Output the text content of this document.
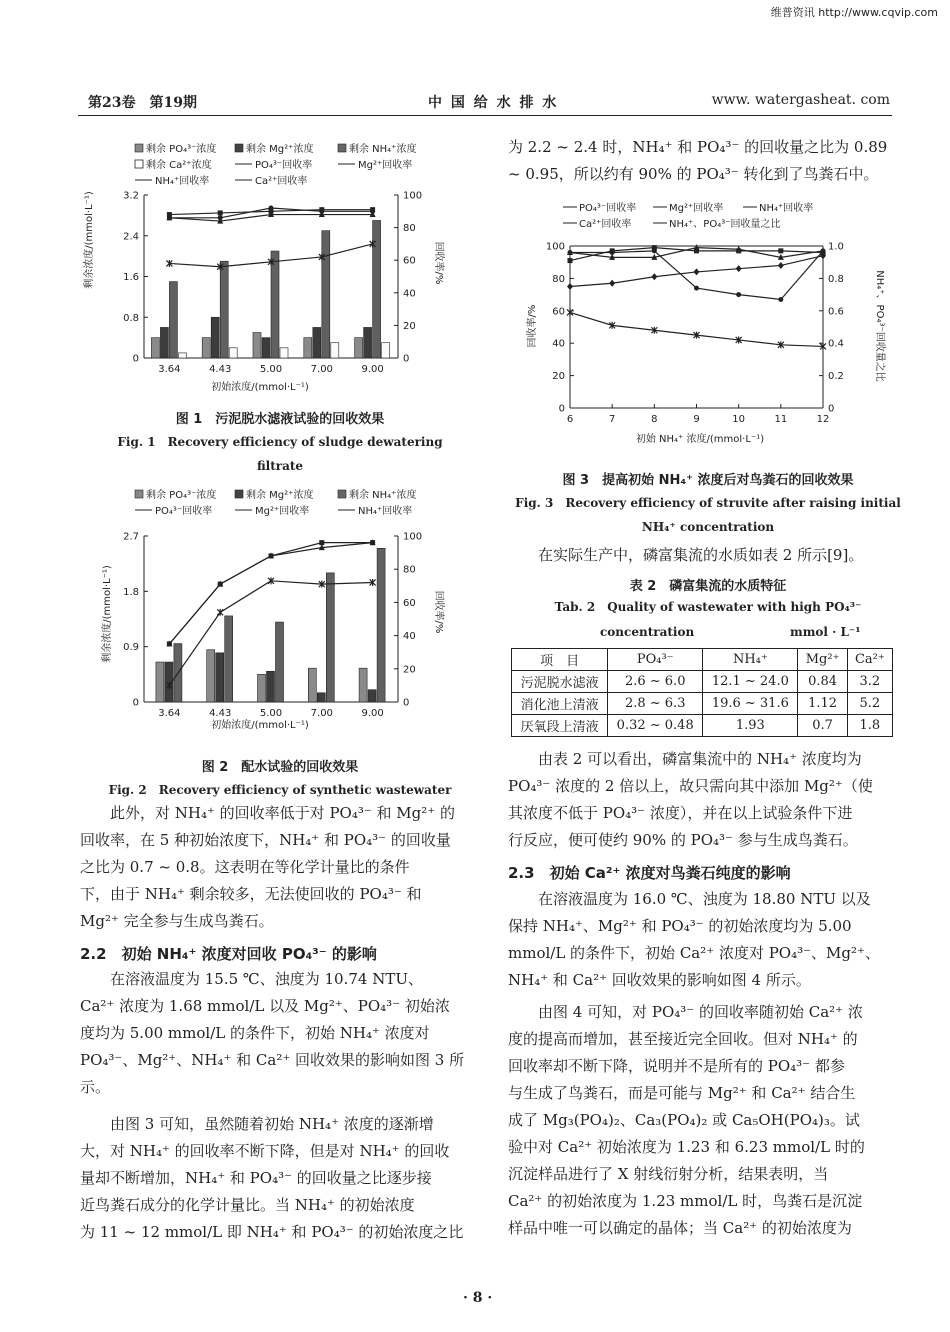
维普资讯 http://www.cqvip.com
第23卷　第19期	中 国 给 水 排 水	www. watergasheat. com
剩余 PO₄³⁻浓度	剩余 Mg²⁺浓度	剩余 NH₄⁺浓度
剩余 Ca²⁺浓度	PO₄³⁻回收率	Mg²⁺回收率
NH₄⁺回收率	Ca²⁺回收率
0
0.8
1.6
2.4
3.2
0
20
40
60
80
100
3.64	4.43	5.00	7.00	9.00
剩余浓度/(mmol·L⁻¹)	回收率/%
初始浓度/(mmol·L⁻¹)
图 1　污泥脱水滤液试验的回收效果
Fig. 1　Recovery efficiency of sludge dewatering
filtrate
剩余 PO₄³⁻浓度	剩余 Mg²⁺浓度	剩余 NH₄⁺浓度
PO₄³⁻回收率	Mg²⁺回收率	NH₄⁺回收率
0
0.9
1.8
2.7
0
20
40
60
80
100
3.64	4.43	5.00	7.00	9.00
剩余浓度/(mmol·L⁻¹)	回收率/%
初始浓度/(mmol·L⁻¹)
图 2　配水试验的回收效果
Fig. 2　Recovery efficiency of synthetic wastewater
此外，对 NH₄⁺ 的回收率低于对 PO₄³⁻ 和 Mg²⁺ 的
回收率，在 5 种初始浓度下，NH₄⁺ 和 PO₄³⁻ 的回收量
之比为 0.7 ~ 0.8。这表明在等化学计量比的条件
下，由于 NH₄⁺ 剩余较多，无法使回收的 PO₄³⁻ 和
Mg²⁺ 完全参与生成鸟粪石。
2.2　初始 NH₄⁺ 浓度对回收 PO₄³⁻ 的影响
在溶液温度为 15.5 ℃、浊度为 10.74 NTU、
Ca²⁺ 浓度为 1.68 mmol/L 以及 Mg²⁺、PO₄³⁻ 初始浓
度均为 5.00 mmol/L 的条件下，初始 NH₄⁺ 浓度对
PO₄³⁻、Mg²⁺、NH₄⁺ 和 Ca²⁺ 回收效果的影响如图 3 所
示。
由图 3 可知，虽然随着初始 NH₄⁺ 浓度的逐渐增
大，对 NH₄⁺ 的回收率不断下降，但是对 NH₄⁺ 的回收
量却不断增加，NH₄⁺ 和 PO₄³⁻ 的回收量之比逐步接
近鸟粪石成分的化学计量比。当 NH₄⁺ 的初始浓度
为 11 ~ 12 mmol/L 即 NH₄⁺ 和 PO₄³⁻ 的初始浓度之比
为 2.2 ~ 2.4 时，NH₄⁺ 和 PO₄³⁻ 的回收量之比为 0.89
~ 0.95，所以约有 90% 的 PO₄³⁻ 转化到了鸟粪石中。
PO₄³⁻回收率	Mg²⁺回收率	NH₄⁺回收率
Ca²⁺回收率	NH₄⁺、PO₄³⁻回收量之比
6	7	8	9	10	11	12
0
20
40
60
80
100
0
0.2
0.4
0.6
0.8
1.0
回收率/%	NH₄⁺、PO₄³⁻回收量之比
初始 NH₄⁺ 浓度/(mmol·L⁻¹)
图 3　提高初始 NH₄⁺ 浓度后对鸟粪石的回收效果
Fig. 3　Recovery efficiency of struvite after raising initial
NH₄⁺ concentration
在实际生产中，磷富集流的水质如表 2 所示[9]。
表 2　磷富集流的水质特征
Tab. 2　Quality of wastewater with high PO₄³⁻
concentration	mmol · L⁻¹
项　目	PO₄³⁻	NH₄⁺	Mg²⁺	Ca²⁺
污泥脱水滤液	2.6 ~ 6.0	12.1 ~ 24.0	0.84	3.2
消化池上清液	2.8 ~ 6.3	19.6 ~ 31.6	1.12	5.2
厌氧段上清液	0.32 ~ 0.48	1.93	0.7	1.8
由表 2 可以看出，磷富集流中的 NH₄⁺ 浓度均为
PO₄³⁻ 浓度的 2 倍以上，故只需向其中添加 Mg²⁺（使
其浓度不低于 PO₄³⁻ 浓度），并在以上试验条件下进
行反应，便可使约 90% 的 PO₄³⁻ 参与生成鸟粪石。
2.3　初始 Ca²⁺ 浓度对鸟粪石纯度的影响
在溶液温度为 16.0 ℃、浊度为 18.80 NTU 以及
保持 NH₄⁺、Mg²⁺ 和 PO₄³⁻ 的初始浓度均为 5.00
mmol/L 的条件下，初始 Ca²⁺ 浓度对 PO₄³⁻、Mg²⁺、
NH₄⁺ 和 Ca²⁺ 回收效果的影响如图 4 所示。
由图 4 可知，对 PO₄³⁻ 的回收率随初始 Ca²⁺ 浓
度的提高而增加，甚至接近完全回收。但对 NH₄⁺ 的
回收率却不断下降，说明并不是所有的 PO₄³⁻ 都参
与生成了鸟粪石，而是可能与 Mg²⁺ 和 Ca²⁺ 结合生
成了 Mg₃(PO₄)₂、Ca₃(PO₄)₂ 或 Ca₅OH(PO₄)₃。试
验中对 Ca²⁺ 初始浓度为 1.23 和 6.23 mmol/L 时的
沉淀样品进行了 X 射线衍射分析，结果表明，当
Ca²⁺ 的初始浓度为 1.23 mmol/L 时，鸟粪石是沉淀
样品中唯一可以确定的晶体；当 Ca²⁺ 的初始浓度为
· 8 ·
